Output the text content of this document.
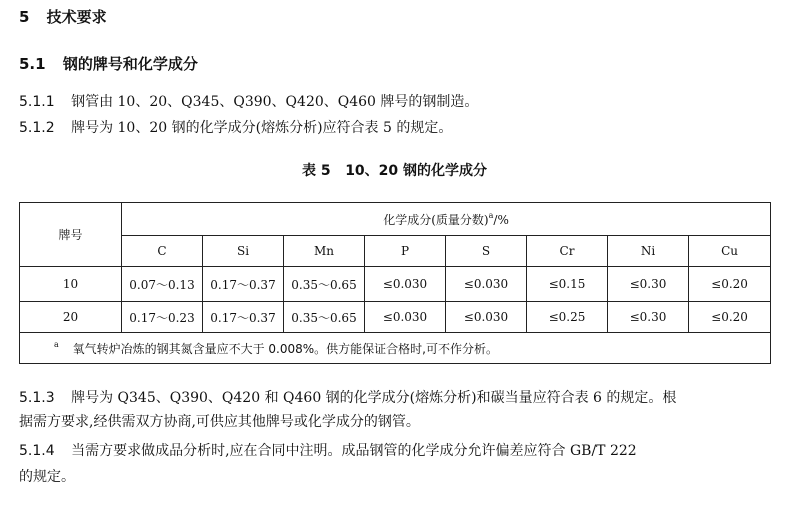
5 技术要求
5.1 钢的牌号和化学成分
5.1.1 钢管由 10、20、Q345、Q390、Q420、Q460 牌号的钢制造。
5.1.2 牌号为 10、20 钢的化学成分(熔炼分析)应符合表 5 的规定。
表 5   10、20 钢的化学成分
牌号	化学成分(质量分数)$^a$/%							
	C	Si	Mn	P	S	Cr	Ni	Cu
10	0.07～0.13	0.17～0.37	0.35～0.65	≤0.030	≤0.030	≤0.15	≤0.30	≤0.20
20	0.17～0.23	0.17～0.37	0.35～0.65	≤0.030	≤0.030	≤0.25	≤0.30	≤0.20
$^a$ 氧气转炉冶炼的钢其氮含量应不大于 0.008%。供方能保证合格时,可不作分析。								
5.1.3 牌号为 Q345、Q390、Q420 和 Q460 钢的化学成分(熔炼分析)和碳当量应符合表 6 的规定。根
据需方要求,经供需双方协商,可供应其他牌号或化学成分的钢管。
5.1.4 当需方要求做成品分析时,应在合同中注明。成品钢管的化学成分允许偏差应符合 GB/T 222
的规定。
